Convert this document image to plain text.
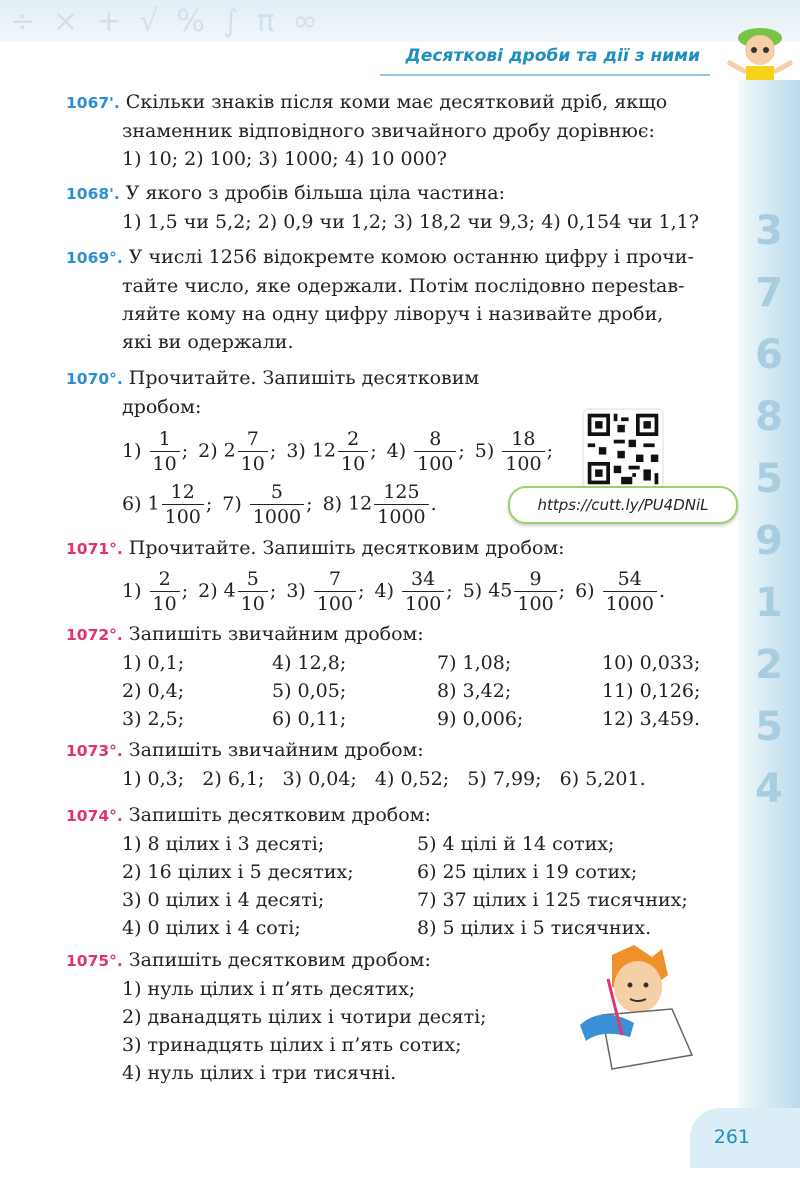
÷×+√%∫π∞
Десяткові дроби та дії з ними
3
7
6
8
5
9
1
2
5
4
1067'. Скільки знаків після коми має десятковий дріб, якщо
знаменник відповідного звичайного дробу дорівнює:
1) 10; 2) 100; 3) 1000; 4) 10 000?
1068'. У якого з дробів більша ціла частина:
1) 1,5 чи 5,2; 2) 0,9 чи 1,2; 3) 18,2 чи 9,3; 4) 0,154 чи 1,1?
1069°. У числі 1256 відокремте комою останню цифру і прочи-
тайте число, яке одержали. Потім послідовно переstав-
ляйте кому на одну цифру ліворуч і називайте дроби,
які ви одержали.
1070°. Прочитайте. Запишіть десятковим
дробом:
$1) \frac{1}{10}$ ; 2) $2 \frac{7}{10}$ ; 3) $12 \frac{2}{10}$ ; $4) \frac{8}{100}$ ; $5) \frac{18}{100}$ ;
6) $1 \frac{12}{100}$ ; $7) \frac{5}{1000}$ ; 8) $12 \frac{125}{1000}$ .
1071°. Прочитайте. Запишіть десятковим дробом:
$1) \frac{2}{10}$ ; 2) $4 \frac{5}{10}$ ; $3) \frac{7}{100}$ ; $4) \frac{34}{100}$ ; 5) $45 \frac{9}{100}$ ; $6) \frac{54}{1000}$ .
1072°. Запишіть звичайним дробом:
1) 0,1;	4) 12,8;	7) 1,08;	10) 0,033;
2) 0,4;	5) 0,05;	8) 3,42;	11) 0,126;
3) 2,5;	6) 0,11;	9) 0,006;	12) 3,459.
1073°. Запишіть звичайним дробом:
1) 0,3;   2) 6,1;   3) 0,04;   4) 0,52;   5) 7,99;   6) 5,201.
1074°. Запишіть десятковим дробом:
1) 8 цілих і 3 десяті;	5) 4 цілі й 14 сотих;
2) 16 цілих і 5 десятих;	6) 25 цілих і 19 сотих;
3) 0 цілих і 4 десяті;	7) 37 цілих і 125 тисячних;
4) 0 цілих і 4 соті;	8) 5 цілих і 5 тисячних.
1075°. Запишіть десятковим дробом:
1) нуль цілих і п’ять десятих;
2) дванадцять цілих і чотири десяті;
3) тринадцять цілих і п’ять сотих;
4) нуль цілих і три тисячні.
https://cutt.ly/PU4DNiL
261
